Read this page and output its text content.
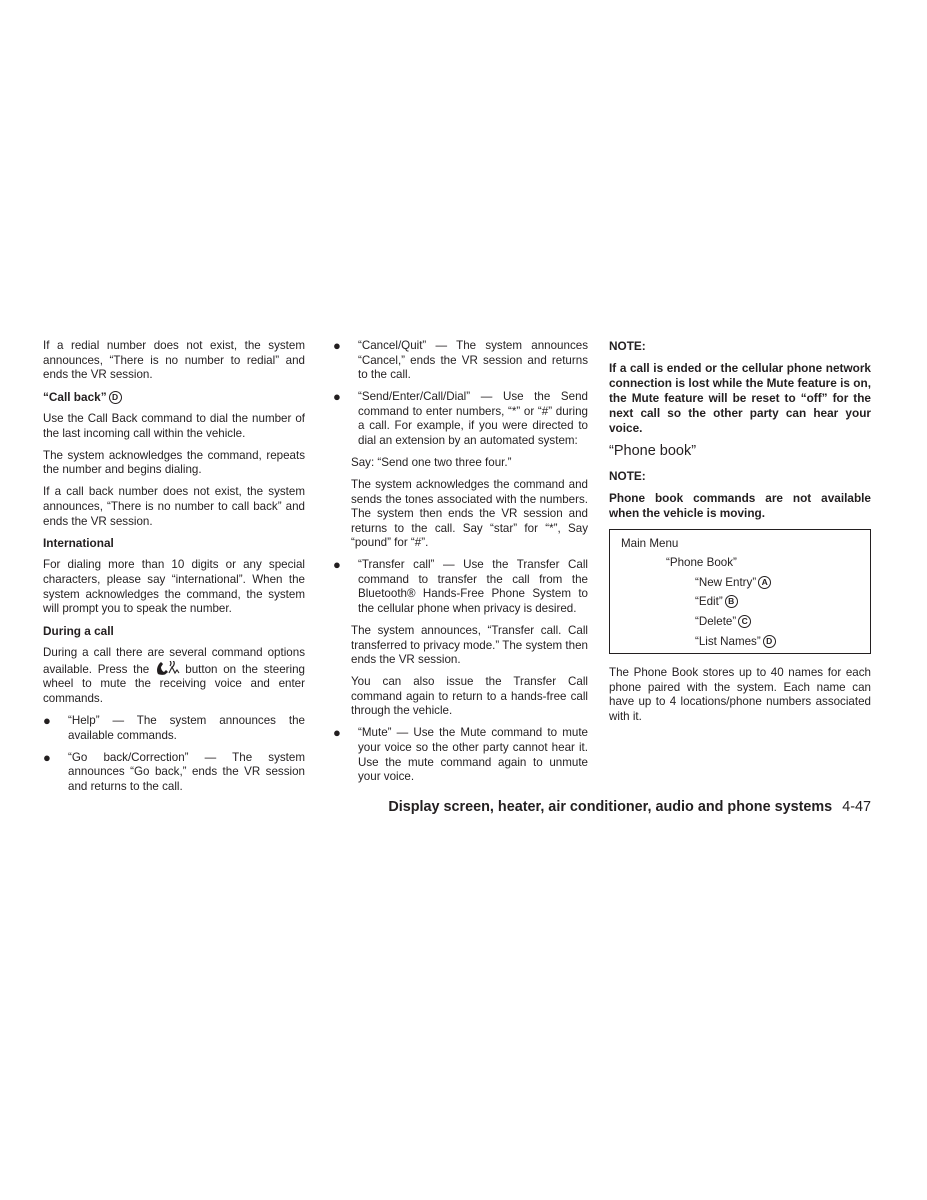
If a redial number does not exist, the system announces, “There is no number to redial” and ends the VR session.

“Call back” D

Use the Call Back command to dial the number of the last incoming call within the vehicle.

The system acknowledges the command, repeats the number and begins dialing.

If a call back number does not exist, the system announces, “There is no number to call back” and ends the VR session.

International

For dialing more than 10 digits or any special characters, please say “international”. When the system acknowledges the command, the system will prompt you to speak the number.

During a call

During a call there are several command options available. Press the	button on the steering wheel to mute the receiving voice and enter commands.

● “Help” — The system announces the available commands.
● “Go back/Correction” — The system announces “Go back,” ends the VR session and returns to the call.
● “Cancel/Quit” — The system announces “Cancel,” ends the VR session and returns to the call.
● “Send/Enter/Call/Dial” — Use the Send command to enter numbers, “*” or “#” during a call. For example, if you were directed to dial an extension by an automated system:

Say: “Send one two three four.”

The system acknowledges the command and sends the tones associated with the numbers. The system then ends the VR session and returns to the call. Say “star” for “*”, Say “pound” for “#”.

● “Transfer call” — Use the Transfer Call command to transfer the call from the Bluetooth® Hands-Free Phone System to the cellular phone when privacy is desired.

The system announces, “Transfer call. Call transferred to privacy mode.” The system then ends the VR session.

You can also issue the Transfer Call command again to return to a hands-free call through the vehicle.

● “Mute” — Use the Mute command to mute your voice so the other party cannot hear it. Use the mute command again to unmute your voice.
NOTE:
If a call is ended or the cellular phone network connection is lost while the Mute feature is on, the Mute feature will be reset to “off” for the next call so the other party can hear your voice.
“Phone book”
NOTE:
Phone book commands are not available when the vehicle is moving.
Main Menu
“Phone Book”
“New Entry” A
“Edit” B
“Delete” C
“List Names” D

The Phone Book stores up to 40 names for each phone paired with the system. Each name can have up to 4 locations/phone numbers associated with it.

Display screen, heater, air conditioner, audio and phone systems 4-47
